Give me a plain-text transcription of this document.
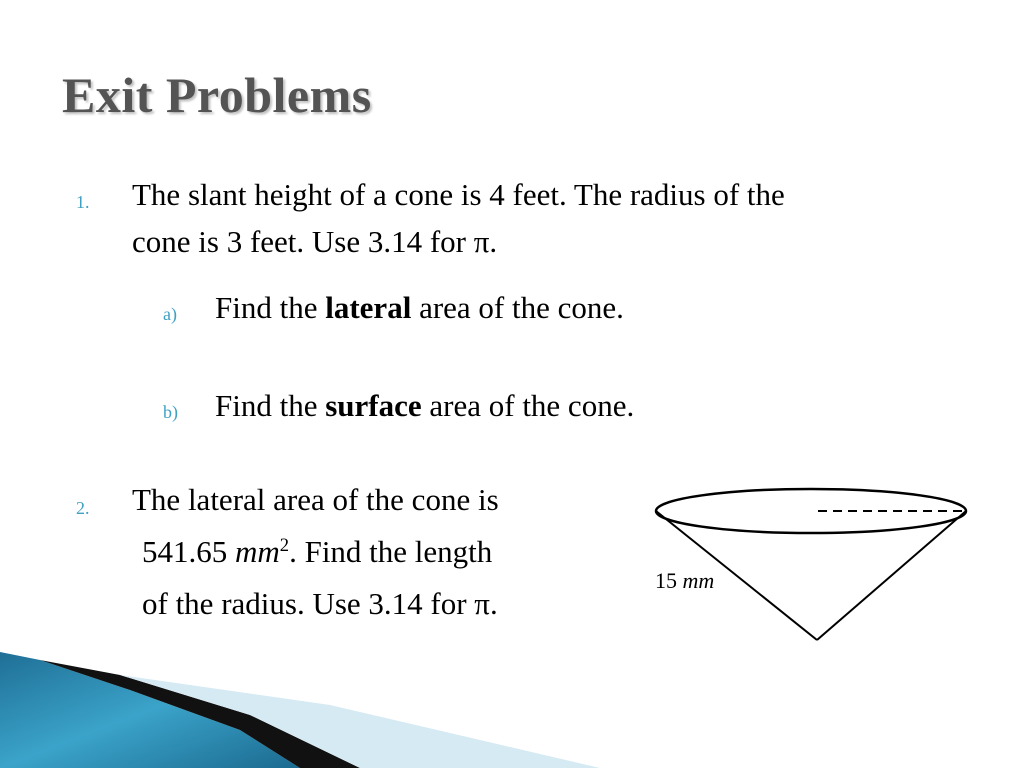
Exit Problems
1. The slant height of a cone is 4 feet. The radius of the
cone is 3 feet. Use 3.14 for π.
a) Find the lateral area of the cone.
b) Find the surface area of the cone.
2. The lateral area of the cone is
541.65 $mm^2$. Find the length
of the radius. Use 3.14 for π.
15 mm
